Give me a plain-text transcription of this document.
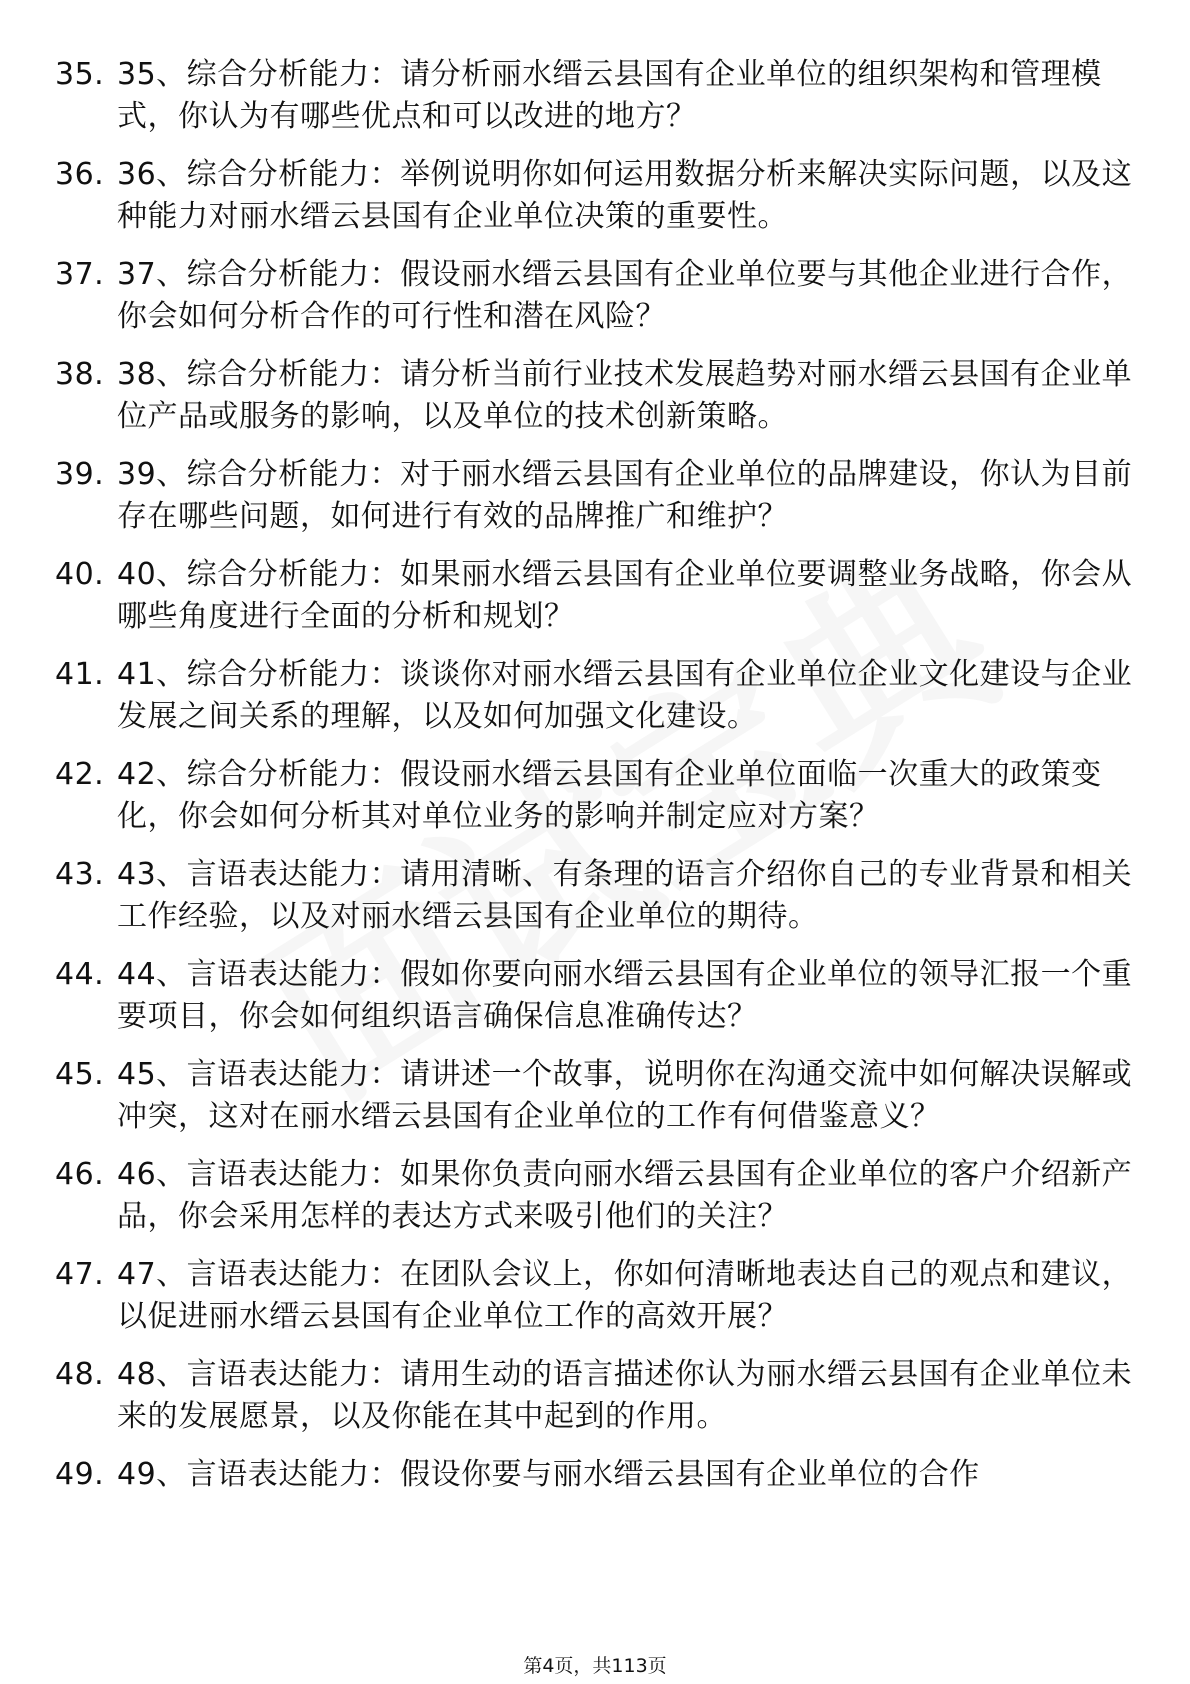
35. 35、综合分析能力：请分析丽水缙云县国有企业单位的组织架构和管理模式，你认为有哪些优点和可以改进的地方？
36. 36、综合分析能力：举例说明你如何运用数据分析来解决实际问题，以及这种能力对丽水缙云县国有企业单位决策的重要性。
37. 37、综合分析能力：假设丽水缙云县国有企业单位要与其他企业进行合作，你会如何分析合作的可行性和潜在风险？
38. 38、综合分析能力：请分析当前行业技术发展趋势对丽水缙云县国有企业单位产品或服务的影响，以及单位的技术创新策略。
39. 39、综合分析能力：对于丽水缙云县国有企业单位的品牌建设，你认为目前存在哪些问题，如何进行有效的品牌推广和维护？
40. 40、综合分析能力：如果丽水缙云县国有企业单位要调整业务战略，你会从哪些角度进行全面的分析和规划？
41. 41、综合分析能力：谈谈你对丽水缙云县国有企业单位企业文化建设与企业发展之间关系的理解，以及如何加强文化建设。
42. 42、综合分析能力：假设丽水缙云县国有企业单位面临一次重大的政策变化，你会如何分析其对单位业务的影响并制定应对方案？
43. 43、言语表达能力：请用清晰、有条理的语言介绍你自己的专业背景和相关工作经验，以及对丽水缙云县国有企业单位的期待。
44. 44、言语表达能力：假如你要向丽水缙云县国有企业单位的领导汇报一个重要项目，你会如何组织语言确保信息准确传达？
45. 45、言语表达能力：请讲述一个故事，说明你在沟通交流中如何解决误解或冲突，这对在丽水缙云县国有企业单位的工作有何借鉴意义？
46. 46、言语表达能力：如果你负责向丽水缙云县国有企业单位的客户介绍新产品，你会采用怎样的表达方式来吸引他们的关注？
47. 47、言语表达能力：在团队会议上，你如何清晰地表达自己的观点和建议，以促进丽水缙云县国有企业单位工作的高效开展？
48. 48、言语表达能力：请用生动的语言描述你认为丽水缙云县国有企业单位未来的发展愿景，以及你能在其中起到的作用。
49. 49、言语表达能力：假设你要与丽水缙云县国有企业单位的合作
第4页，共113页
